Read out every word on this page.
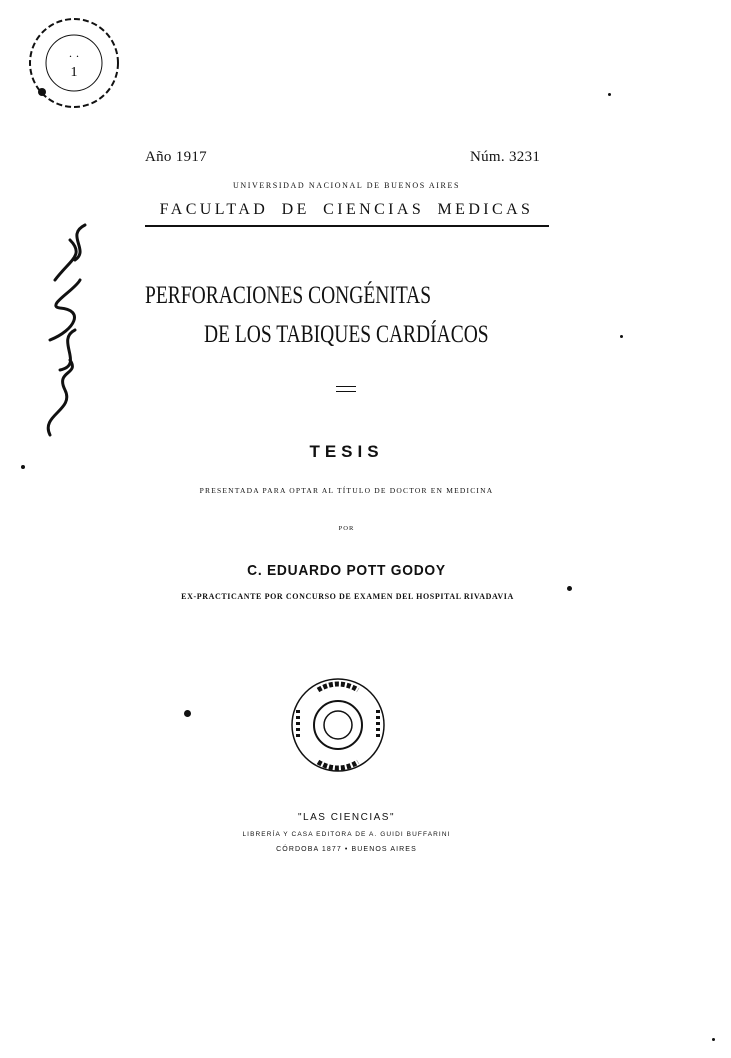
· ·
1
Año 1917	Núm. 3231
UNIVERSIDAD NACIONAL DE BUENOS AIRES
FACULTAD DE CIENCIAS MEDICAS
PERFORACIONES CONGÉNITAS
DE LOS TABIQUES CARDÍACOS
TESIS
PRESENTADA PARA OPTAR AL TÍTULO DE DOCTOR EN MEDICINA
POR
C. EDUARDO POTT GODOY
EX-PRACTICANTE POR CONCURSO DE EXAMEN DEL HOSPITAL RIVADAVIA
"LAS CIENCIAS"
LIBRERÍA Y CASA EDITORA DE A. GUIDI BUFFARINI
CÓRDOBA 1877 • BUENOS AIRES
